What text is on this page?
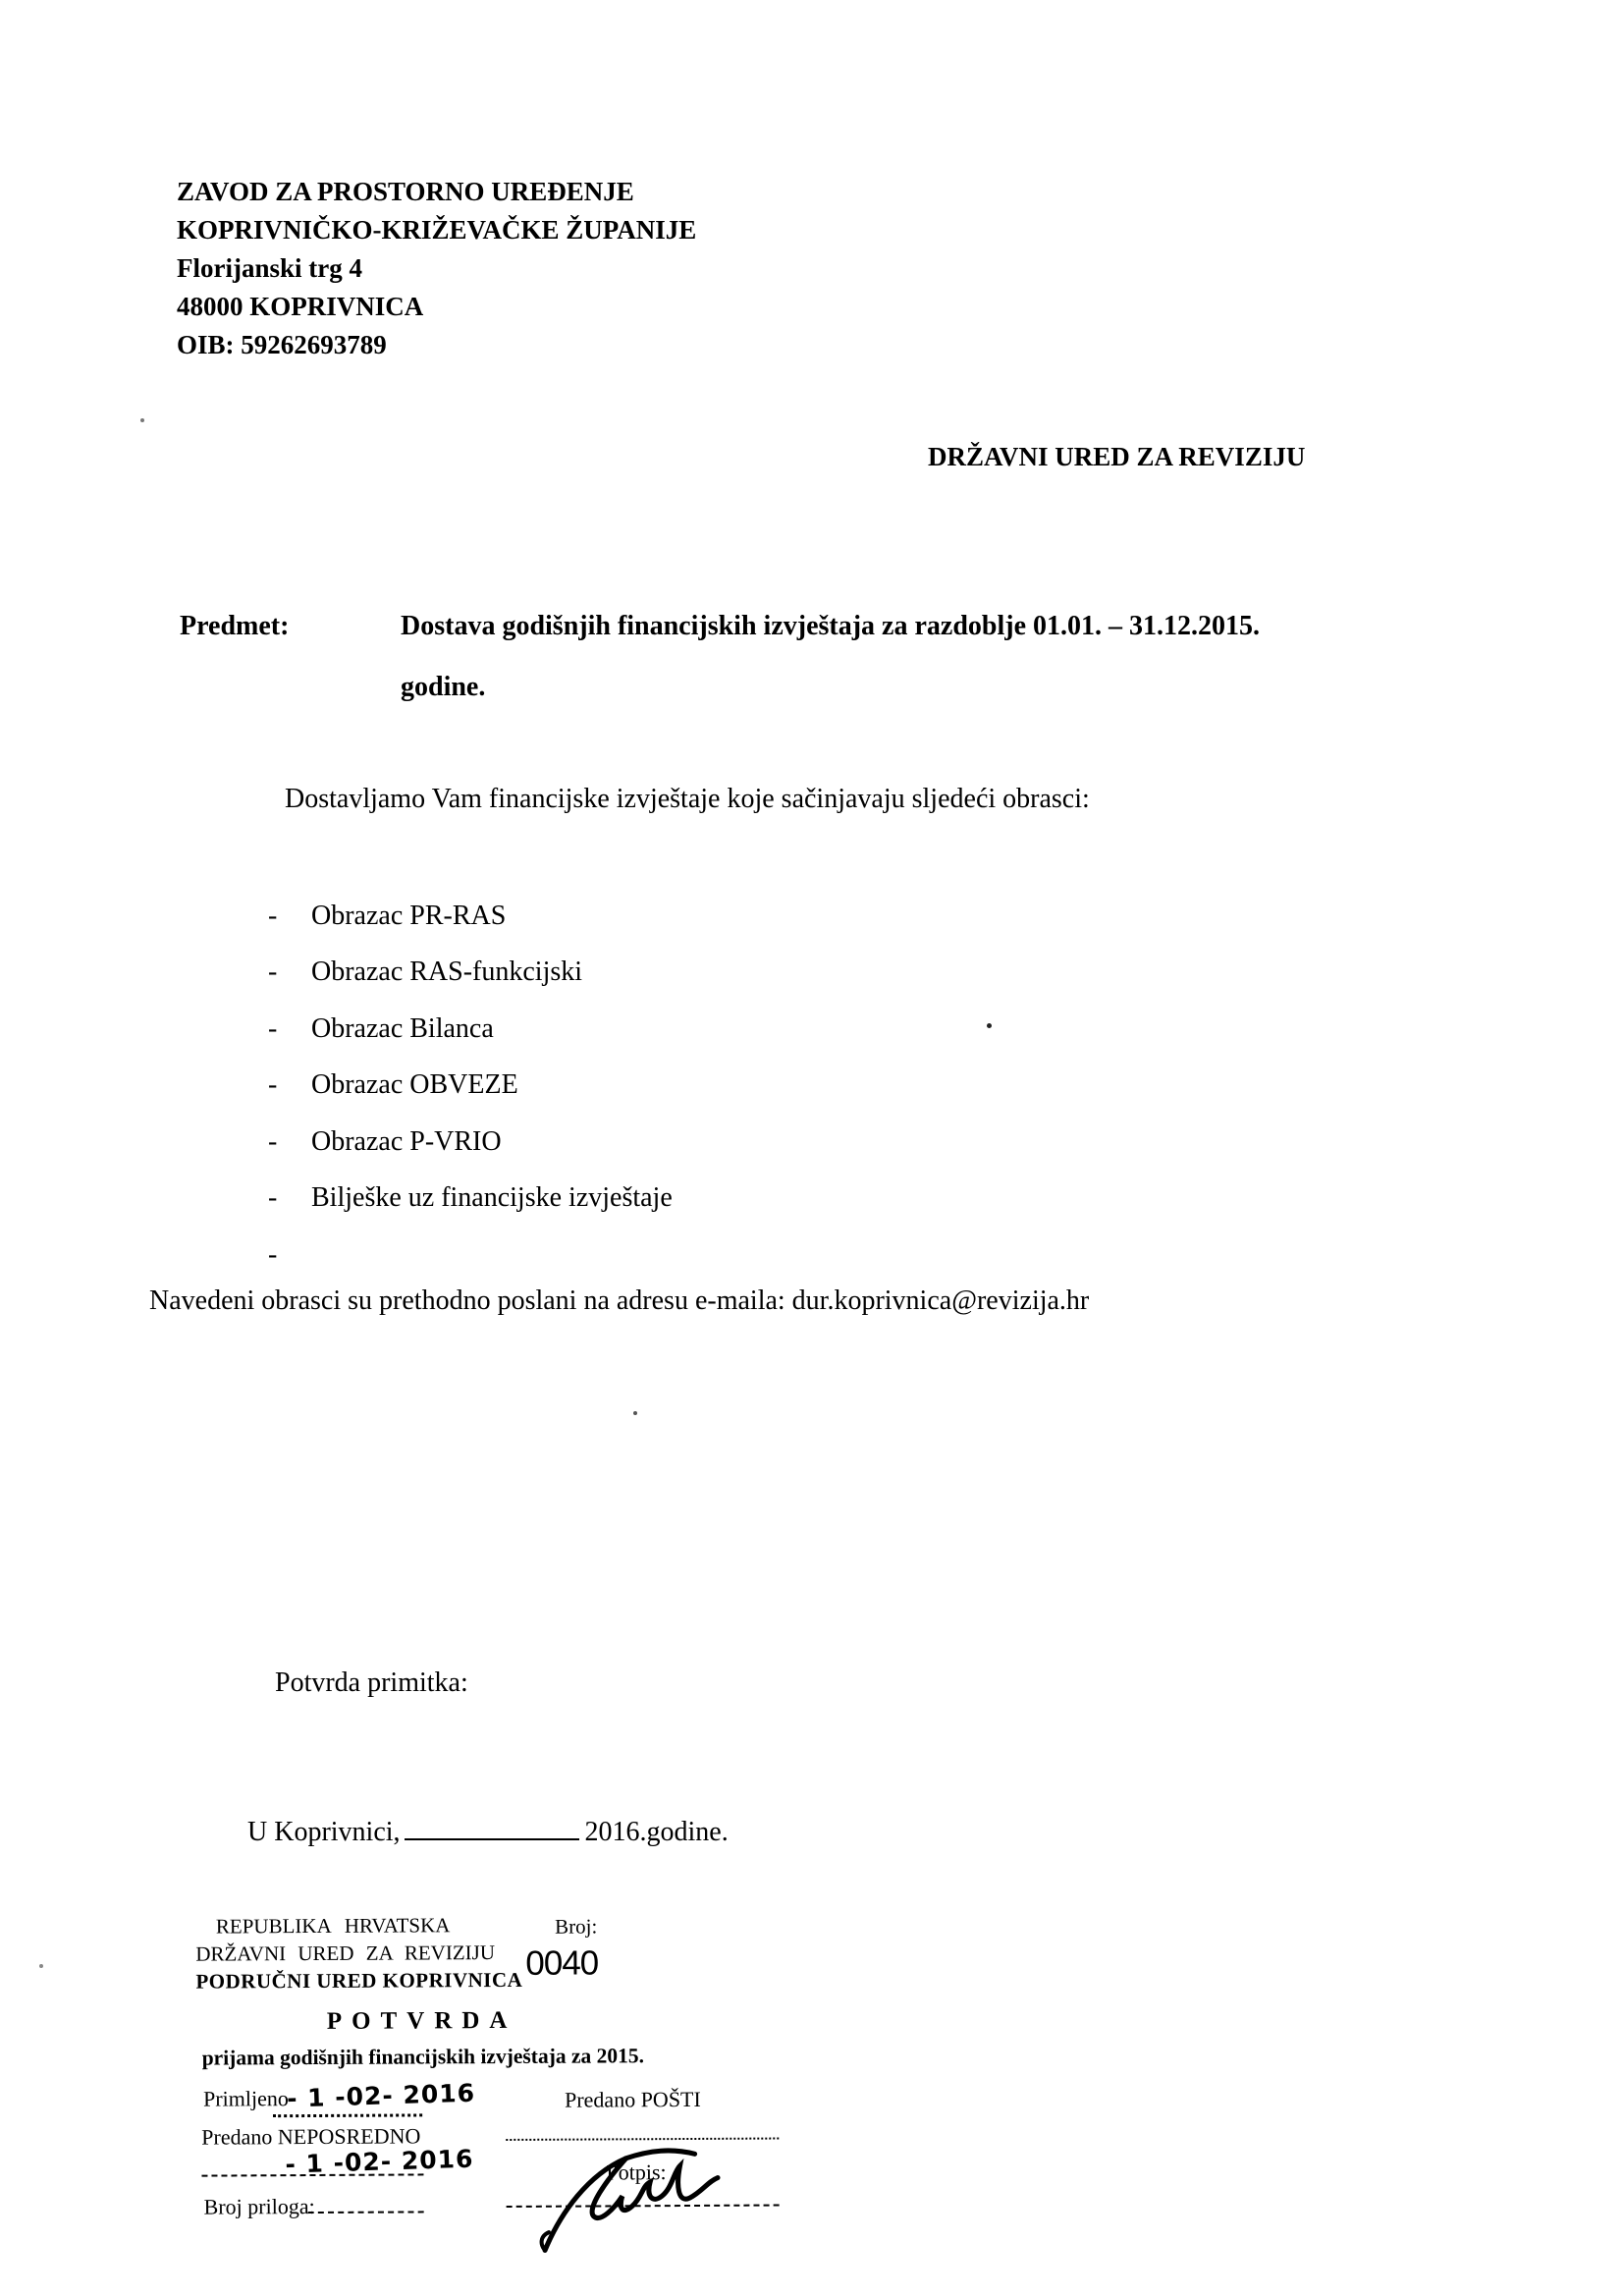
ZAVOD ZA PROSTORNO UREĐENJE
KOPRIVNIČKO-KRIŽEVAČKE ŽUPANIJE
Florijanski trg 4
48000 KOPRIVNICA
OIB: 59262693789
DRŽAVNI URED ZA REVIZIJU
Predmet:	Dostava godišnjih financijskih izvještaja za razdoblje 01.01. – 31.12.2015.
godine.
Dostavljamo Vam financijske izvještaje koje sačinjavaju sljedeći obrasci:
- Obrazac PR-RAS
- Obrazac RAS-funkcijski
- Obrazac Bilanca
- Obrazac OBVEZE
- Obrazac P-VRIO
- Bilješke uz financijske izvještaje
-
Navedeni obrasci su prethodno poslani na adresu e-maila: dur.koprivnica@revizija.hr
Potvrda primitka:
U Koprivnici,	2016.godine.
REPUBLIKA HRVATSKA
DRŽAVNI URED ZA REVIZIJU
PODRUČNI URED KOPRIVNICA
Broj:
0040
POTVRDA
prijama godišnjih financijskih izvještaja za 2015.
Primljeno
- 1 -02- 2016	Predano POŠTI
Predano NEPOSREDNO
- 1 -02- 2016	Potpis:
Broj priloga:
